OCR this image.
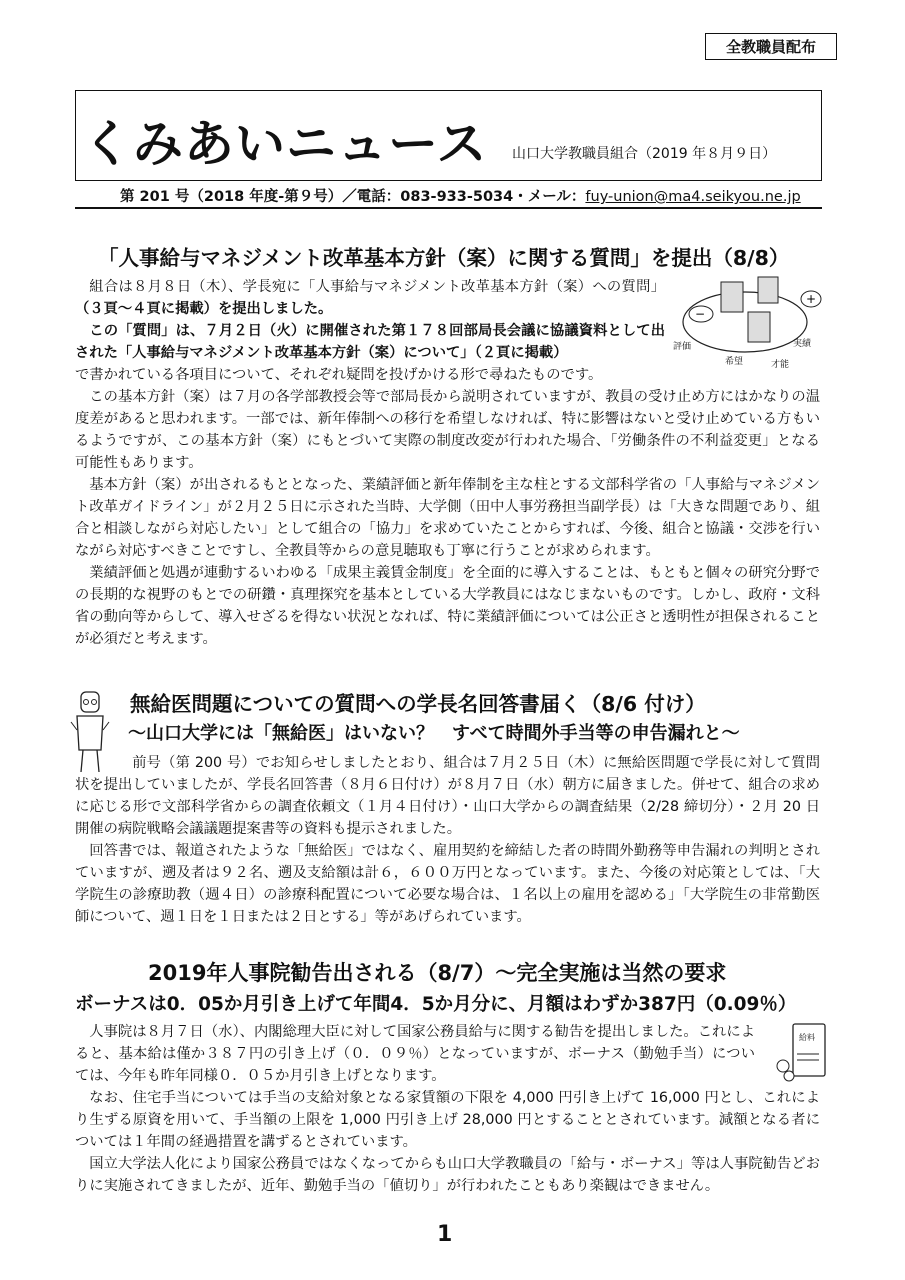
全教職員配布
くみあいニュース 山口大学教職員組合（2019 年８月９日）
第 201 号（2018 年度‐第９号）／電話：083-933-5034・メール：fuy-union@ma4.seikyou.ne.jp
「人事給与マネジメント改革基本方針（案）に関する質問」を提出（8/8）

組合は８月８日（木）、学長宛に「人事給与マネジメント改革基本方針（案）への質問」（３頁〜４頁に掲載）を提出しました。

この「質問」は、７月２日（火）に開催された第１７８回部局長会議に協議資料として出された「人事給与マネジメント改革基本方針（案）について」（２頁に掲載）

で書かれている各項目について、それぞれ疑問を投げかける形で尋ねたものです。

この基本方針（案）は７月の各学部教授会等で部局長から説明されていますが、教員の受け止め方にはかなりの温度差があると思われます。一部では、新年俸制への移行を希望しなければ、特に影響はないと受け止めている方もいるようですが、この基本方針（案）にもとづいて実際の制度改変が行われた場合、「労働条件の不利益変更」となる可能性もあります。

基本方針（案）が出されるもととなった、業績評価と新年俸制を主な柱とする文部科学省の「人事給与マネジメント改革ガイドライン」が２月２５日に示された当時、大学側（田中人事労務担当副学長）は「大きな問題であり、組合と相談しながら対応したい」として組合の「協力」を求めていたことからすれば、今後、組合と協議・交渉を行いながら対応すべきことですし、全教員等からの意見聴取も丁寧に行うことが求められます。

業績評価と処遇が連動するいわゆる「成果主義賃金制度」を全面的に導入することは、もともと個々の研究分野での長期的な視野のもとでの研鑽・真理探究を基本としている大学教員にはなじまないものです。しかし、政府・文科省の動向等からして、導入せざるを得ない状況となれば、特に業績評価については公正さと透明性が担保されることが必須だと考えます。

−
+
評価
希望	才能
実績
無給医問題についての質問への学長名回答書届く（8/6 付け）
〜山口大学には「無給医」はいない？　すべて時間外手当等の申告漏れと〜

前号（第 200 号）でお知らせしましたとおり、組合は７月２５日（木）に無給医問題で学長に対して質問状を提出していましたが、学長名回答書（８月６日付け）が８月７日（水）朝方に届きました。併せて、組合の求めに応じる形で文部科学省からの調査依頼文（１月４日付け）・山口大学からの調査結果（2/28 締切分）・２月 20 日開催の病院戦略会議議題提案書等の資料も提示されました。

回答書では、報道されたような「無給医」ではなく、雇用契約を締結した者の時間外勤務等申告漏れの判明とされていますが、遡及者は９２名、遡及支給額は計６，６００万円となっています。また、今後の対応策としては、「大学院生の診療助教（週４日）の診療科配置について必要な場合は、１名以上の雇用を認める」「大学院生の非常勤医師について、週１日を１日または２日とする」等があげられています。

2019年人事院勧告出される（8/7）〜完全実施は当然の要求
ボーナスは0．05か月引き上げて年間4．5か月分に、月額はわずか387円（0.09％）

人事院は８月７日（水）、内閣総理大臣に対して国家公務員給与に関する勧告を提出しました。これによると、基本給は僅か３８７円の引き上げ（０．０９％）となっていますが、ボーナス（勤勉手当）については、今年も昨年同様０．０５か月引き上げとなります。

なお、住宅手当については手当の支給対象となる家賃額の下限を 4,000 円引き上げて 16,000 円とし、これにより生ずる原資を用いて、手当額の上限を 1,000 円引き上げ 28,000 円とすることとされています。減額となる者については１年間の経過措置を講ずるとされています。

国立大学法人化により国家公務員ではなくなってからも山口大学教職員の「給与・ボーナス」等は人事院勧告どおりに実施されてきましたが、近年、勤勉手当の「値切り」が行われたこともあり楽観はできません。

給料
1
